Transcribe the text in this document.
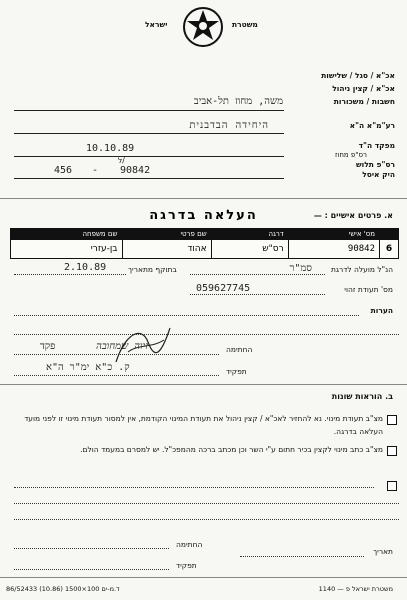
משטרת
ישראל
אכ"א / סגל / שלישות
אכ"א / קצין ניהול
חשבות / משכורות
רע"מ"א ה"א
מפקד ה"ד
רס"פ תלוש
היק איסל
רס"פ מחוז
משה, מחוז תל-אביב
היחידה הבדבנית
10.10.89
/ל
456 - 90842
העלאה בדרגה	א. פרטים אישיים : —
	מס' אישי	דרגה	שם פרטי	שם משפחה
6	90842	רס"ש	אהוד	בן-עזרי
הנ"ל מועלה לדרגת
סמ"ר
בתוקף מתאריך
2.10.89
מס' תעודת זהוי
059627745
הערות
החתימה
זיוה שמחובה
פקד
תפקיד
ק. כ"א ימ"ר ה"א
ב. הוראות שונות
מצ"ב תעודת מינוי. נא להחזיר לאכ"א / קצין ניהול את תעודת המינוי הקודמת, אין למסור תעודת מינוי זו לפני מועד העלאה בדרגה.
מצ"ב כתב מינוי לקצין בכיר חתום ע"י השר וכן מכתב ברכה מהמפכ"ל. יש למסרם במעמד הולם.
החתימה
תאריך
תפקיד
משטרת ישראל פ — 1140
ד.מ-ים 100×1500 (10.86) 86/52433
